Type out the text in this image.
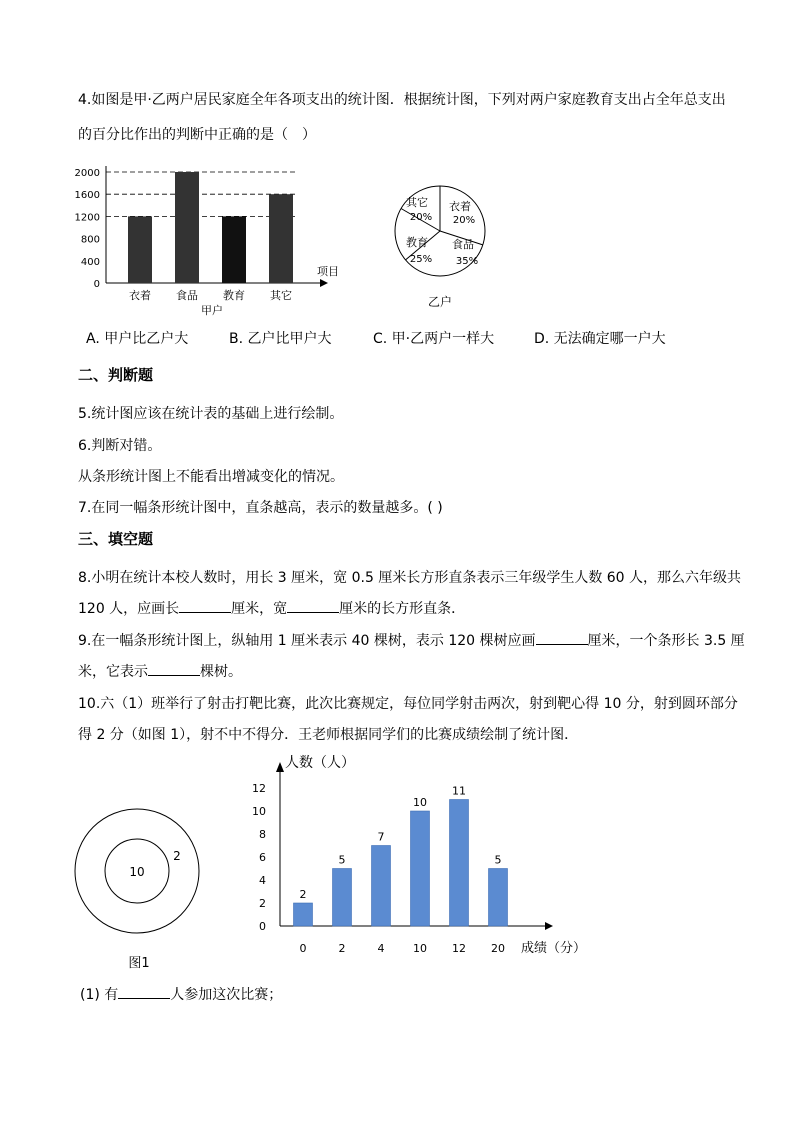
4.如图是甲·乙两户居民家庭全年各项支出的统计图．根据统计图，下列对两户家庭教育支出占全年总支出
的百分比作出的判断中正确的是（　）
0
400
800
1200
1600
2000
衣着 食品 教育 其它
项目
甲户
其它
20%
衣着
20%
食品
35%
教育
25%
乙户
A. 甲户比乙户大	B. 乙户比甲户大	C. 甲·乙两户一样大	D. 无法确定哪一户大
二、判断题
5.统计图应该在统计表的基础上进行绘制。
6.判断对错。
从条形统计图上不能看出增减变化的情况。
7.在同一幅条形统计图中，直条越高，表示的数量越多。( )
三、填空题
8.小明在统计本校人数时，用长 3 厘米，宽 0.5 厘米长方形直条表示三年级学生人数 60 人，那么六年级共
120 人，应画长	厘米，宽	厘米的长方形直条．
9.在一幅条形统计图上，纵轴用 1 厘米表示 40 棵树，表示 120 棵树应画	厘米，一个条形长 3.5 厘
米，它表示	棵树。
10.六（1）班举行了射击打靶比赛，此次比赛规定，每位同学射击两次，射到靶心得 10 分，射到圆环部分
得 2 分（如图 1），射不中不得分．王老师根据同学们的比赛成绩绘制了统计图．
10
2
图1
0
2
4
6
8
10
12
2
0
5
2
7
4
10
10
11
12
5
20
人数（人）
成绩（分）
(1) 有	人参加这次比赛；
